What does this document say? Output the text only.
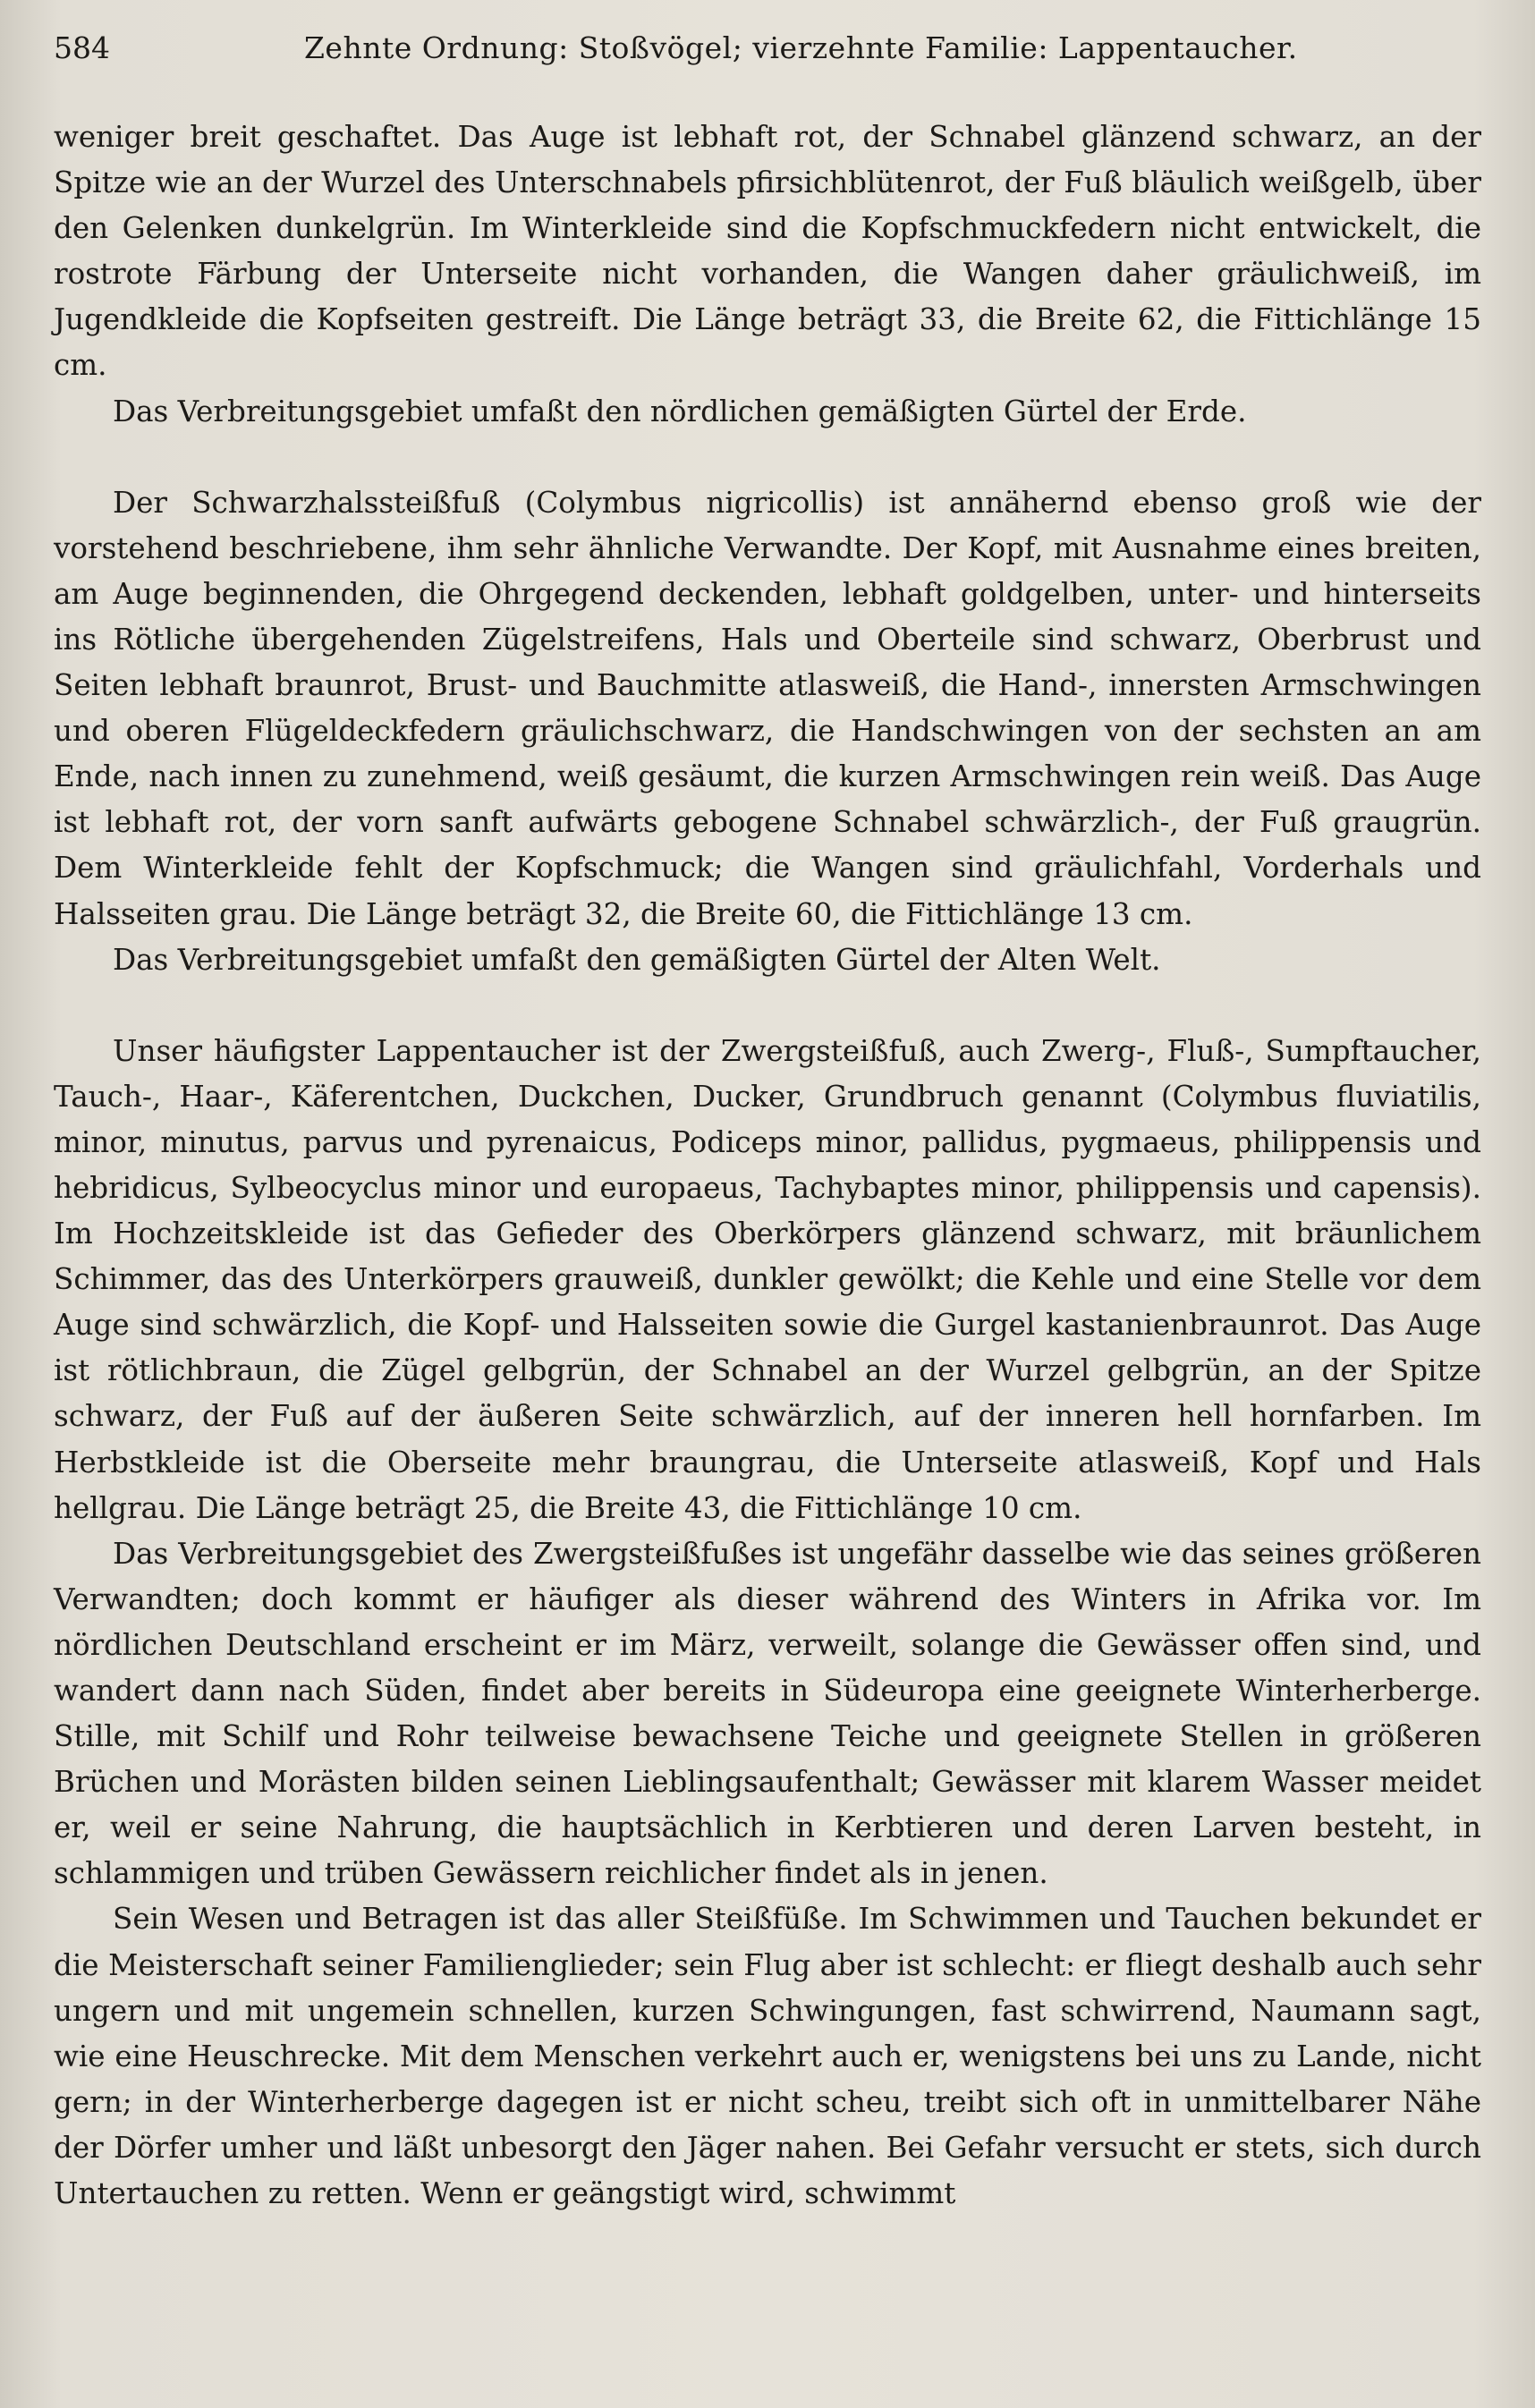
584	Zehnte Ordnung: Stoßvögel; vierzehnte Familie: Lappentaucher.

weniger breit geschaftet. Das Auge ist lebhaft rot, der Schnabel glänzend schwarz, an der Spitze wie an der Wurzel des Unterschnabels pfirsichblütenrot, der Fuß bläulich weißgelb, über den Gelenken dunkelgrün. Im Winterkleide sind die Kopfschmuckfedern nicht entwickelt, die rostrote Färbung der Unterseite nicht vorhanden, die Wangen daher gräulichweiß, im Jugendkleide die Kopfseiten gestreift. Die Länge beträgt 33, die Breite 62, die Fittichlänge 15 cm.

Das Verbreitungsgebiet umfaßt den nördlichen gemäßigten Gürtel der Erde.

Der Schwarzhalssteißfuß (Colymbus nigricollis) ist annähernd ebenso groß wie der vorstehend beschriebene, ihm sehr ähnliche Verwandte. Der Kopf, mit Ausnahme eines breiten, am Auge beginnenden, die Ohrgegend deckenden, lebhaft goldgelben, unter- und hinterseits ins Rötliche übergehenden Zügelstreifens, Hals und Oberteile sind schwarz, Oberbrust und Seiten lebhaft braunrot, Brust- und Bauchmitte atlasweiß, die Hand-, innersten Armschwingen und oberen Flügeldeckfedern gräulichschwarz, die Handschwingen von der sechsten an am Ende, nach innen zu zunehmend, weiß gesäumt, die kurzen Armschwingen rein weiß. Das Auge ist lebhaft rot, der vorn sanft aufwärts gebogene Schnabel schwärzlich-, der Fuß graugrün. Dem Winterkleide fehlt der Kopfschmuck; die Wangen sind gräulichfahl, Vorderhals und Halsseiten grau. Die Länge beträgt 32, die Breite 60, die Fittichlänge 13 cm.

Das Verbreitungsgebiet umfaßt den gemäßigten Gürtel der Alten Welt.

Unser häufigster Lappentaucher ist der Zwergsteißfuß, auch Zwerg-, Fluß-, Sumpftaucher, Tauch-, Haar-, Käferentchen, Duckchen, Ducker, Grundbruch genannt (Colymbus fluviatilis, minor, minutus, parvus und pyrenaicus, Podiceps minor, pallidus, pygmaeus, philippensis und hebridicus, Sylbeocyclus minor und europaeus, Tachybaptes minor, philippensis und capensis). Im Hochzeitskleide ist das Gefieder des Oberkörpers glänzend schwarz, mit bräunlichem Schimmer, das des Unterkörpers grauweiß, dunkler gewölkt; die Kehle und eine Stelle vor dem Auge sind schwärzlich, die Kopf- und Halsseiten sowie die Gurgel kastanienbraunrot. Das Auge ist rötlichbraun, die Zügel gelbgrün, der Schnabel an der Wurzel gelbgrün, an der Spitze schwarz, der Fuß auf der äußeren Seite schwärzlich, auf der inneren hell hornfarben. Im Herbstkleide ist die Oberseite mehr braungrau, die Unterseite atlasweiß, Kopf und Hals hellgrau. Die Länge beträgt 25, die Breite 43, die Fittichlänge 10 cm.

Das Verbreitungsgebiet des Zwergsteißfußes ist ungefähr dasselbe wie das seines größeren Verwandten; doch kommt er häufiger als dieser während des Winters in Afrika vor. Im nördlichen Deutschland erscheint er im März, verweilt, solange die Gewässer offen sind, und wandert dann nach Süden, findet aber bereits in Südeuropa eine geeignete Winterherberge. Stille, mit Schilf und Rohr teilweise bewachsene Teiche und geeignete Stellen in größeren Brüchen und Morästen bilden seinen Lieblingsaufenthalt; Gewässer mit klarem Wasser meidet er, weil er seine Nahrung, die hauptsächlich in Kerbtieren und deren Larven besteht, in schlammigen und trüben Gewässern reichlicher findet als in jenen.

Sein Wesen und Betragen ist das aller Steißfüße. Im Schwimmen und Tauchen bekundet er die Meisterschaft seiner Familienglieder; sein Flug aber ist schlecht: er fliegt deshalb auch sehr ungern und mit ungemein schnellen, kurzen Schwingungen, fast schwirrend, Naumann sagt, wie eine Heuschrecke. Mit dem Menschen verkehrt auch er, wenigstens bei uns zu Lande, nicht gern; in der Winterherberge dagegen ist er nicht scheu, treibt sich oft in unmittelbarer Nähe der Dörfer umher und läßt unbesorgt den Jäger nahen. Bei Gefahr versucht er stets, sich durch Untertauchen zu retten. Wenn er geängstigt wird, schwimmt
